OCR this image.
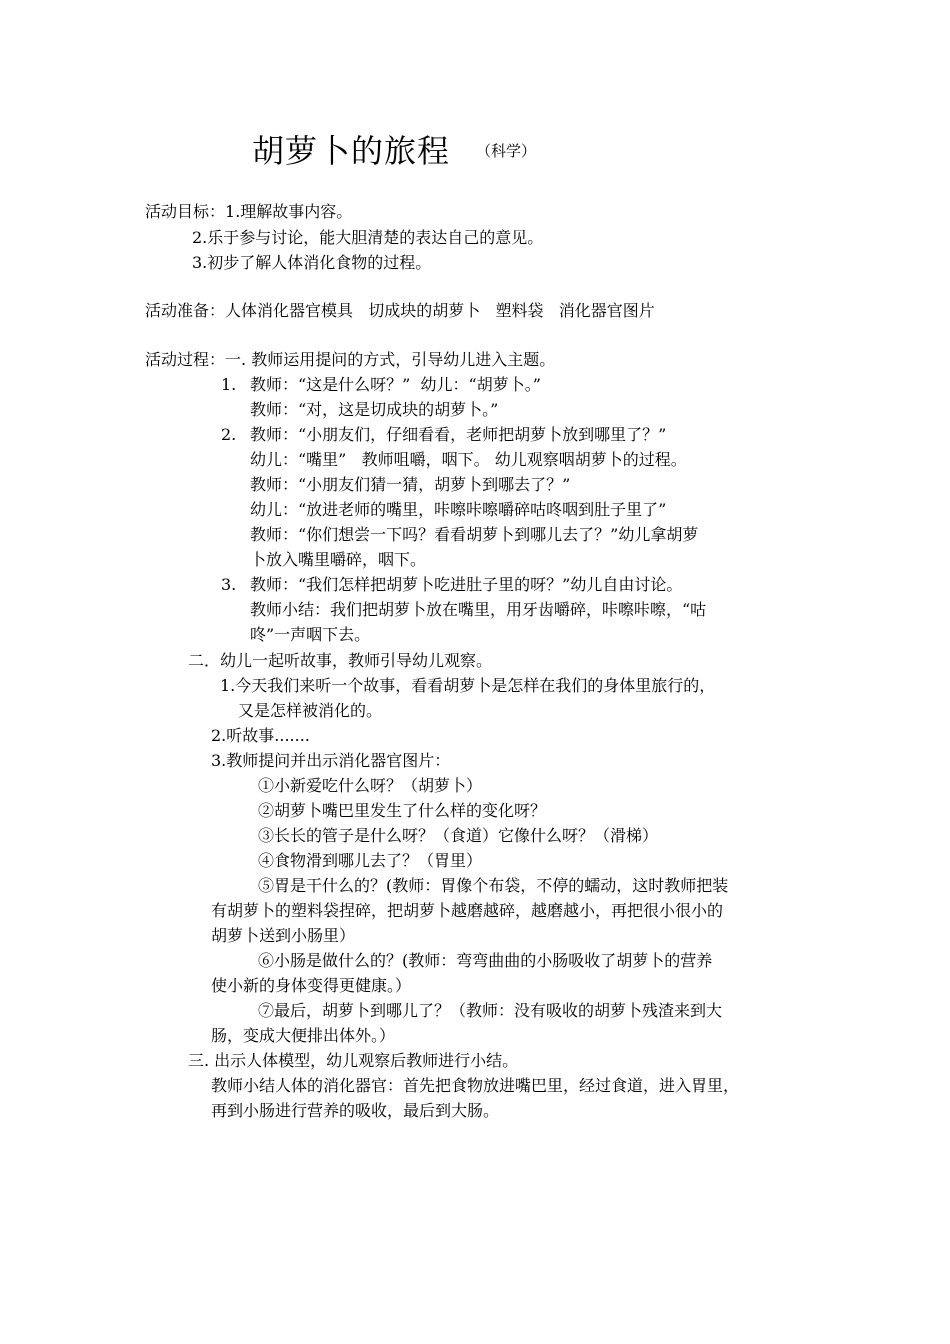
胡萝卜的旅程 （科学）
活动目标：1.理解故事内容。
2.乐于参与讨论，能大胆清楚的表达自己的意见。
3.初步了解人体消化食物的过程。
活动准备：人体消化器官模具   切成块的胡萝卜   塑料袋   消化器官图片
活动过程：一. 教师运用提问的方式，引导幼儿进入主题。
1. 教师：“这是什么呀？”  幼儿：“胡萝卜。”
教师：“对，这是切成块的胡萝卜。”
2. 教师：“小朋友们，仔细看看，老师把胡萝卜放到哪里了？”
幼儿：“嘴里”   教师咀嚼，咽下。 幼儿观察咽胡萝卜的过程。
教师：“小朋友们猜一猜，胡萝卜到哪去了？”
幼儿：“放进老师的嘴里，咔嚓咔嚓嚼碎咕咚咽到肚子里了”
教师：“你们想尝一下吗？看看胡萝卜到哪儿去了？”幼儿拿胡萝
卜放入嘴里嚼碎，咽下。
3. 教师：“我们怎样把胡萝卜吃进肚子里的呀？”幼儿自由讨论。
教师小结：我们把胡萝卜放在嘴里，用牙齿嚼碎，咔嚓咔嚓，“咕
咚”一声咽下去。
二．幼儿一起听故事，教师引导幼儿观察。
1.今天我们来听一个故事，看看胡萝卜是怎样在我们的身体里旅行的，
又是怎样被消化的。
2.听故事.......
3.教师提问并出示消化器官图片：
①小新爱吃什么呀？（胡萝卜）
②胡萝卜嘴巴里发生了什么样的变化呀？
③长长的管子是什么呀？（食道）它像什么呀？（滑梯）
④食物滑到哪儿去了？（胃里）
⑤胃是干什么的？(教师：胃像个布袋，不停的蠕动，这时教师把装
有胡萝卜的塑料袋捏碎，把胡萝卜越磨越碎，越磨越小，再把很小很小的
胡萝卜送到小肠里）
⑥小肠是做什么的？(教师：弯弯曲曲的小肠吸收了胡萝卜的营养
使小新的身体变得更健康。）
⑦最后，胡萝卜到哪儿了？（教师：没有吸收的胡萝卜残渣来到大
肠，变成大便排出体外。）
三. 出示人体模型，幼儿观察后教师进行小结。
教师小结人体的消化器官：首先把食物放进嘴巴里，经过食道，进入胃里，
再到小肠进行营养的吸收，最后到大肠。
